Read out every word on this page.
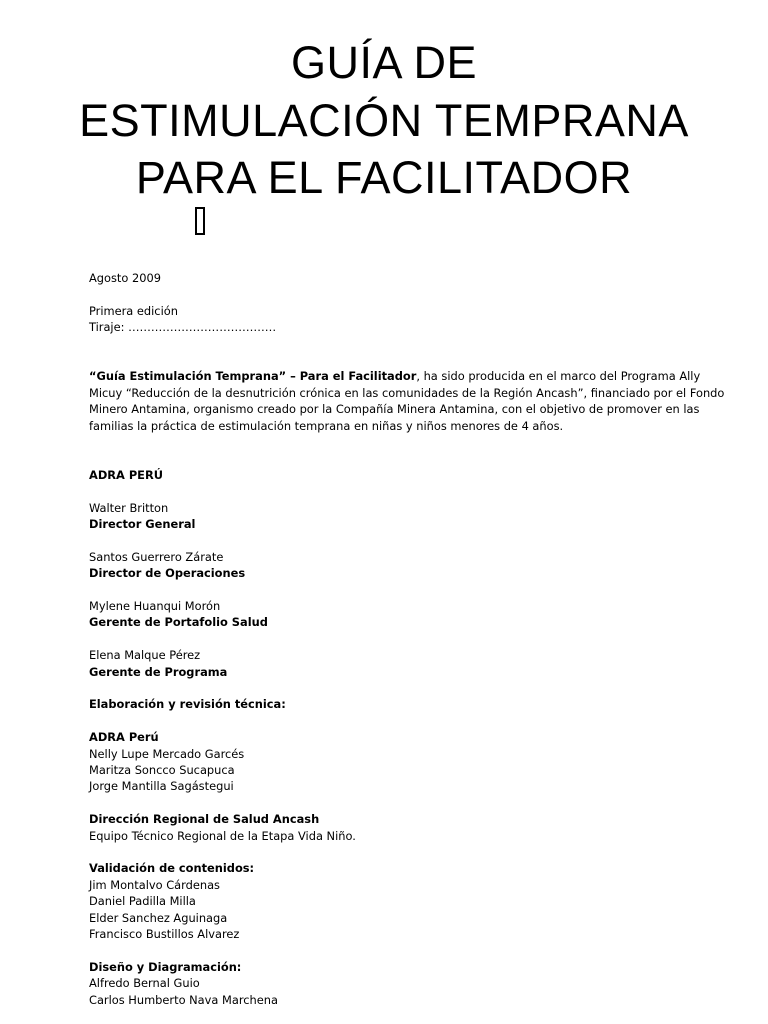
GUÍA DE
ESTIMULACIÓN TEMPRANA
PARA EL FACILITADOR

Agosto 2009

Primera edición

Tiraje: …………………………………

“Guía Estimulación Temprana” – Para el Facilitador, ha sido producida en el marco del Programa Ally Micuy “Reducción de la desnutrición crónica en las comunidades de la Región Ancash”, financiado por el Fondo Minero Antamina, organismo creado por la Compañía Minera Antamina, con el objetivo de promover en las familias la práctica de estimulación temprana en niñas y niños menores de 4 años.

ADRA PERÚ

Walter Britton

Director General

Santos Guerrero Zárate

Director de Operaciones

Mylene Huanqui Morón

Gerente de Portafolio Salud

Elena Malque Pérez

Gerente de Programa

Elaboración y revisión técnica:

ADRA Perú

Nelly Lupe Mercado Garcés

Maritza Soncco Sucapuca

Jorge Mantilla Sagástegui

Dirección Regional de Salud Ancash

Equipo Técnico Regional de la Etapa Vida Niño.

Validación de contenidos:

Jim Montalvo Cárdenas

Daniel Padilla Milla

Elder Sanchez Aguinaga

Francisco Bustillos Alvarez

Diseño y Diagramación:

Alfredo Bernal Guio

Carlos Humberto Nava Marchena
